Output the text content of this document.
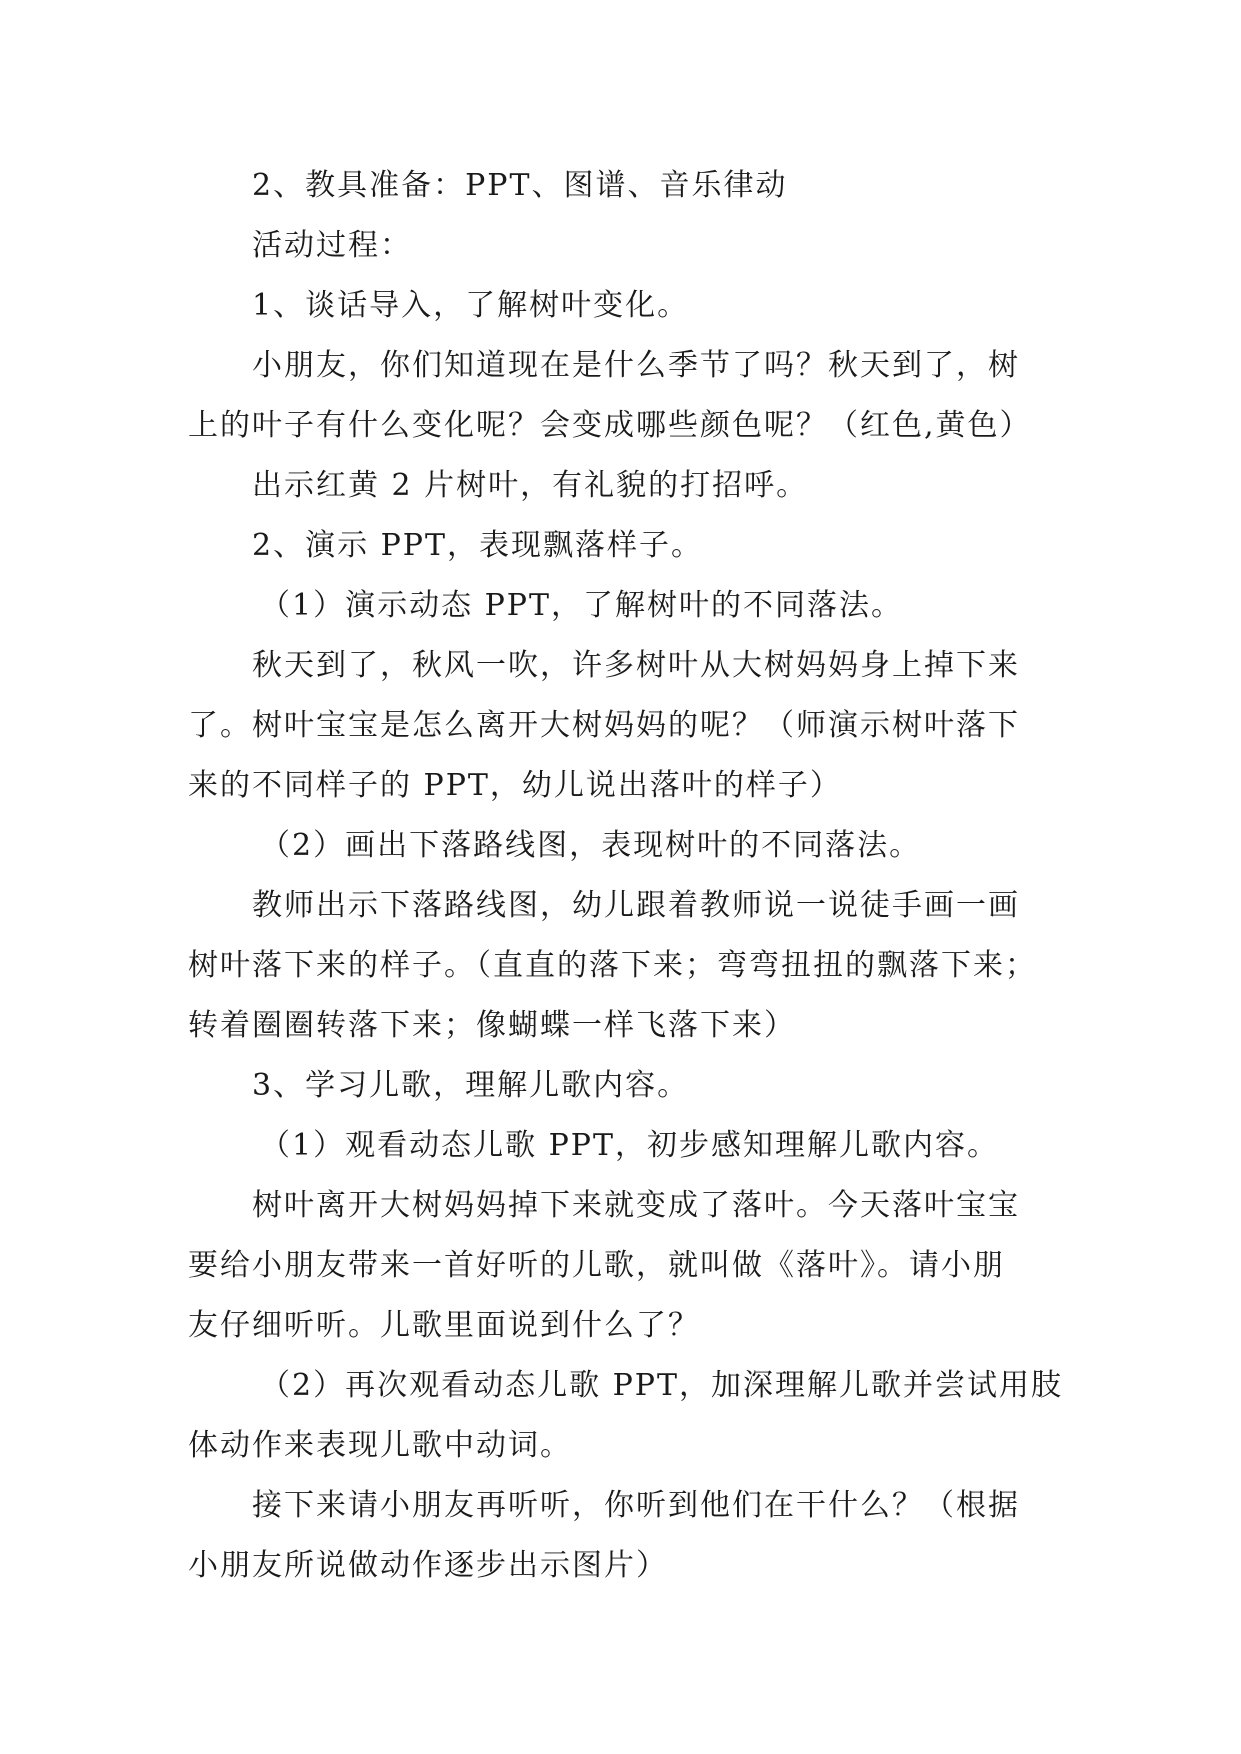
2、教具准备：PPT、图谱、音乐律动

活动过程：

1、谈话导入，了解树叶变化。

小朋友，你们知道现在是什么季节了吗？秋天到了，树

上的叶子有什么变化呢？会变成哪些颜色呢？（红色,黄色）

出示红黄 2 片树叶，有礼貌的打招呼。

2、演示 PPT，表现飘落样子。

（1）演示动态 PPT，了解树叶的不同落法。

秋天到了，秋风一吹，许多树叶从大树妈妈身上掉下来

了。树叶宝宝是怎么离开大树妈妈的呢？（师演示树叶落下

来的不同样子的 PPT，幼儿说出落叶的样子）

（2）画出下落路线图，表现树叶的不同落法。

教师出示下落路线图，幼儿跟着教师说一说徒手画一画

树叶落下来的样子。（直直的落下来；弯弯扭扭的飘落下来；

转着圈圈转落下来；像蝴蝶一样飞落下来）

3、学习儿歌，理解儿歌内容。

（1）观看动态儿歌 PPT，初步感知理解儿歌内容。

树叶离开大树妈妈掉下来就变成了落叶。今天落叶宝宝

要给小朋友带来一首好听的儿歌，就叫做《落叶》。请小朋

友仔细听听。儿歌里面说到什么了？

（2）再次观看动态儿歌 PPT，加深理解儿歌并尝试用肢

体动作来表现儿歌中动词。

接下来请小朋友再听听，你听到他们在干什么？（根据

小朋友所说做动作逐步出示图片）
